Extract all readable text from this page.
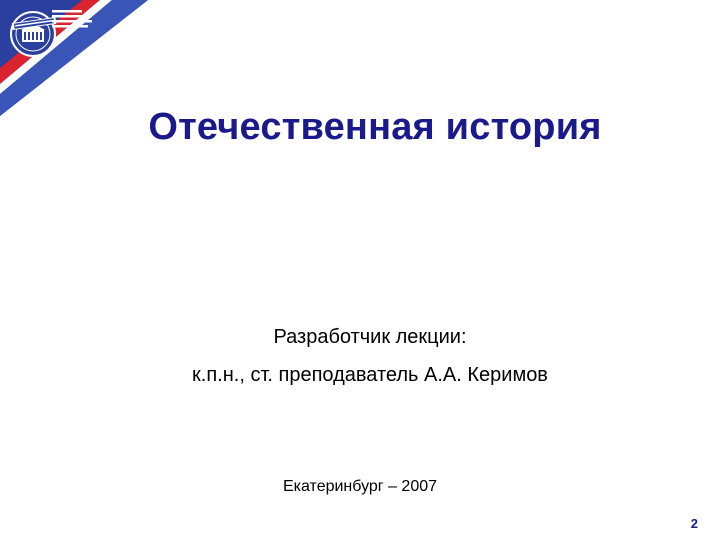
Отечественная история
Разработчик лекции:
к.п.н., ст. преподаватель А.А. Керимов
Екатеринбург – 2007
2
